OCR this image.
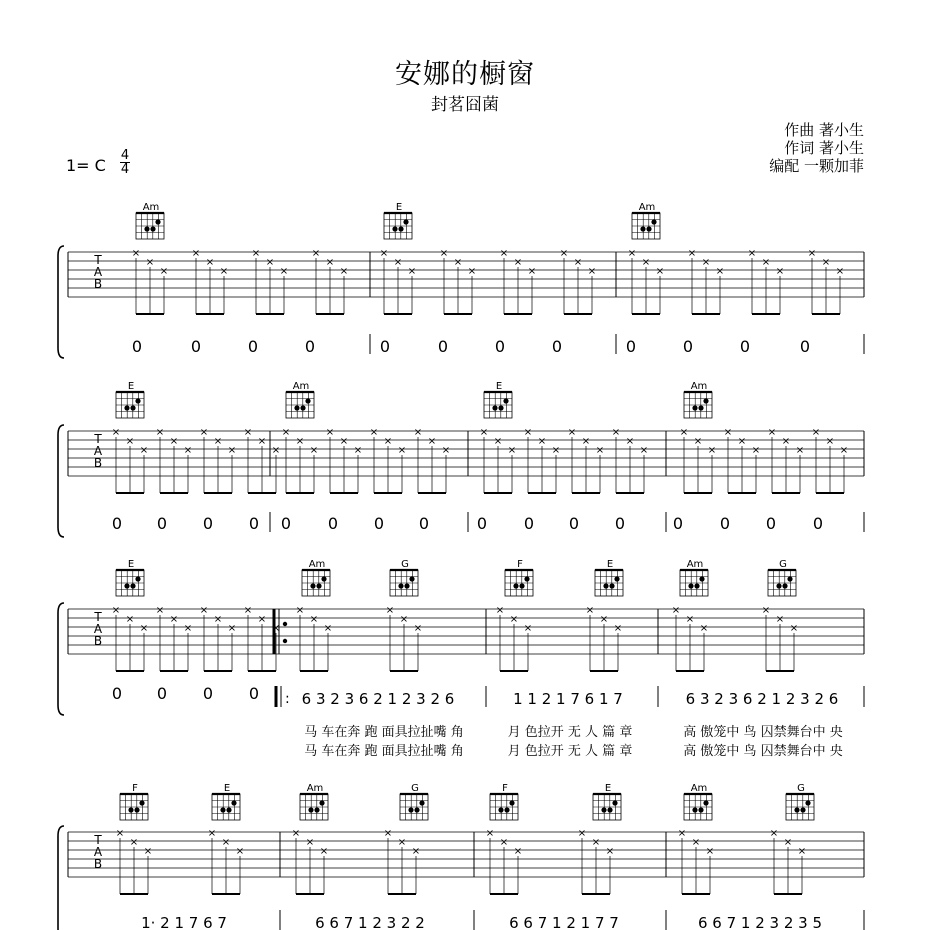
安娜的橱窗
封茗囧菌
作曲 著小生
作词 著小生
编配 一颗加菲
1= C
4
4
T
A
B
Am	E	Am
×
×
×
×
×
×
×
×
×
×
×
×
×
×
×
×
×
×
×
×
×
×
×
×
×
×
×
×
×
×
×
×
×
×
×
×
0	0	0	0	0	0	0	0	0	0	0	0
T
A
B
E	Am	E	Am
×
×
×
×
×
×
×
×
×
×
×
×
×
×
×
×
×
×
×
×
×
×
×
×
×
×
×
×
×
×
×
×
×
×
×
×
×
×
×
×
×
×
×
×
×
×
×
×
0 0 0 0 0 0 0 0	0 0 0 0	0 0 0 0
T
A
B
E	Am	G	F	E	Am	G
×
×
×
×
×
×
×
×
×
×
×
×
×
×
×
×
×
×
×
×
×
×
×
×
×
×
×
×
×
×
0 0 0 0 : 6 3 2 3 6 2 1 2 3 2 6	1 1 2 1 7 6 1 7	6 3 2 3 6 2 1 2 3 2 6
马 车在奔 跑 面具拉扯嘴 角	月 色拉开 无 人 篇 章	高 傲笼中 鸟 囚禁舞台中 央
马 车在奔 跑 面具拉扯嘴 角	月 色拉开 无 人 篇 章	高 傲笼中 鸟 囚禁舞台中 央
T
A
B
F	E	Am	G	F	E	Am	G
×
×
×
×
×
×
×
×
×
×
×
×
×
×
×
×
×
×
×
×
×
×
×
×
1· 2 1 7 6 7	6 6 7 1 2 3 2 2	6 6 7 1 2 1 7 7	6 6 7 1 2 3 2 3 5
